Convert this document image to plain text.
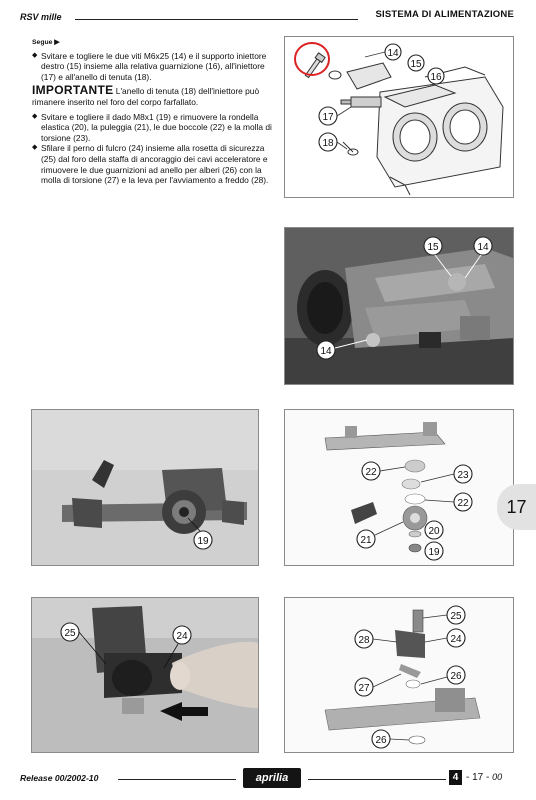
RSV mille	SISTEMA DI ALIMENTAZIONE
Segue ▶

◆ Svitare e togliere le due viti M6x25 (14) e il supporto iniettore destro (15) insieme alla relativa guarnizione (16), all'iniettore (17) e all'anello di tenuta (18).

IMPORTANTE L'anello di tenuta (18) dell'iniettore può rimanere inserito nel foro del corpo farfallato.

◆ Svitare e togliere il dado M8x1 (19) e rimuovere la rondella elastica (20), la puleggia (21), le due boccole (22) e la molla di torsione (23).

◆ Sfilare il perno di fulcro (24) insieme alla rosetta di sicurezza (25) dal foro della staffa di ancoraggio dei cavi acceleratore e rimuovere le due guarnizioni ad anello per alberi (26) con la molla di torsione (27) e la leva per l'avviamento a freddo (28).

14
15
16
17
18
15	14
14
19
22	23
22
20
21
19
17
25	24
25
28	24
27
26
26
Release 00/2002-10	aprilia	4 - 17 - 00
